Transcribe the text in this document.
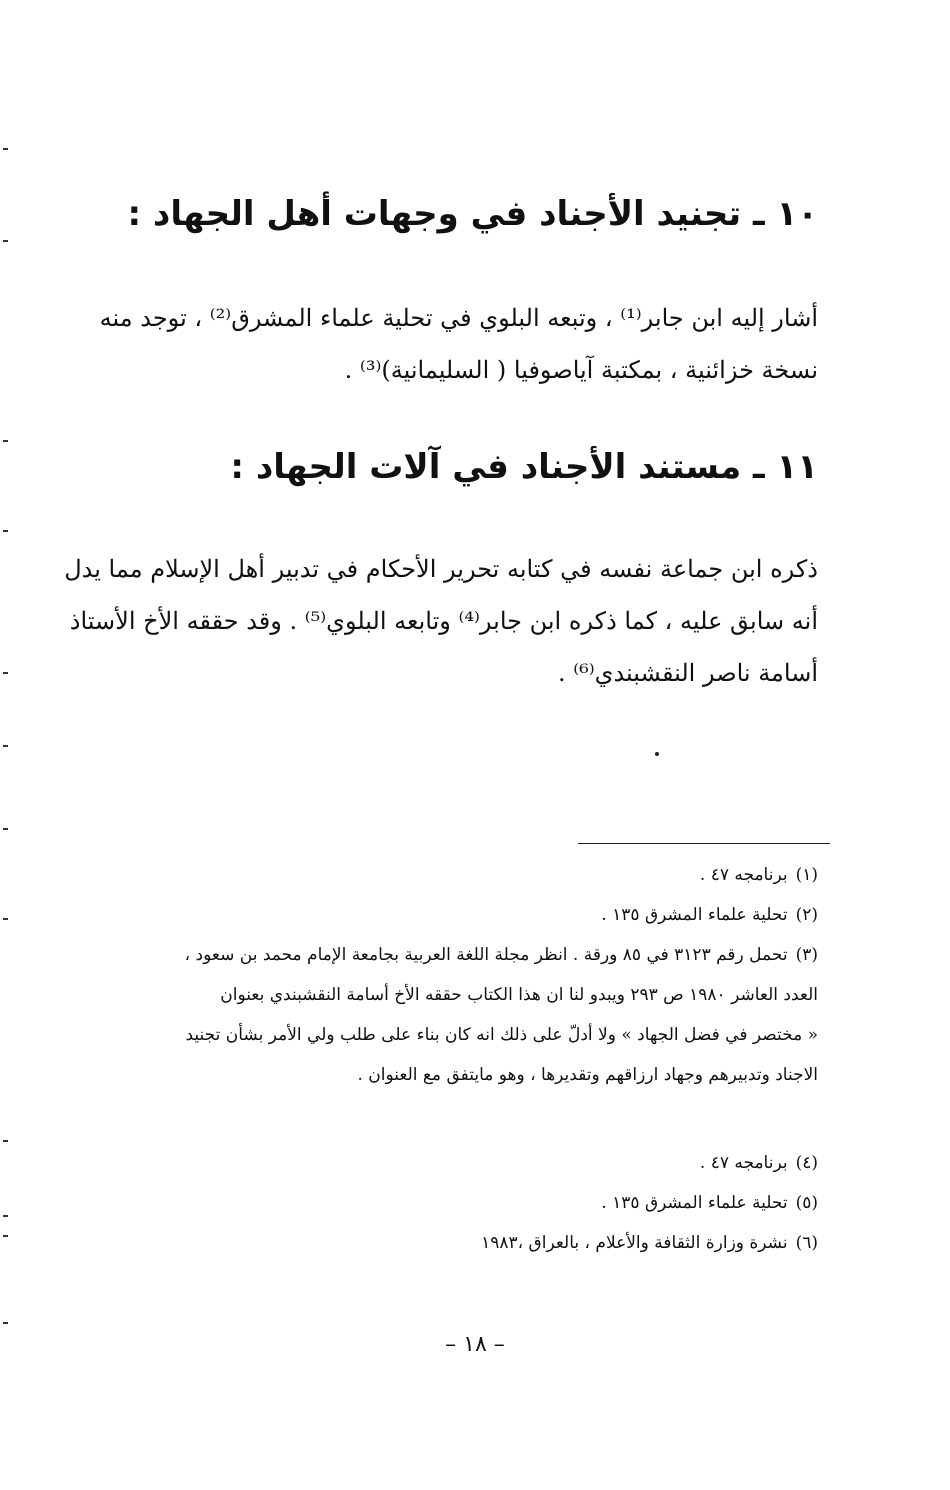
١٠ ـ تجنيد الأجناد في وجهات أهل الجهاد :
أشار إليه ابن جابر⁽¹⁾ ، وتبعه البلوي في تحلية علماء المشرق⁽²⁾ ، توجد منه
نسخة خزائنية ، بمكتبة آياصوفيا ( السليمانية)⁽³⁾ .
١١ ـ مستند الأجناد في آلات الجهاد :
ذكره ابن جماعة نفسه في كتابه تحرير الأحكام في تدبير أهل الإسلام مما يدل
أنه سابق عليه ، كما ذكره ابن جابر⁽⁴⁾ وتابعه البلوي⁽⁵⁾ . وقد حققه الأخ الأستاذ
أسامة ناصر النقشبندي⁽⁶⁾ .
(١)برنامجه ٤٧ .
(٢)تحلية علماء المشرق ١٣٥ .
(٣)تحمل رقم ٣١٢٣ في ٨٥ ورقة . انظر مجلة اللغة العربية بجامعة الإمام محمد بن سعود ،
العدد العاشر ١٩٨٠ ص ٢٩٣ ويبدو لنا ان هذا الكتاب حققه الأخ أسامة النقشبندي بعنوان
« مختصر في فضل الجهاد » ولا أدلّ على ذلك انه كان بناء على طلب ولي الأمر بشأن تجنيد
الاجناد وتدبيرهم وجهاد ارزاقهم وتقديرها ، وهو مايتفق مع العنوان .
(٤)برنامجه ٤٧ .
(٥)تحلية علماء المشرق ١٣٥ .
(٦)نشرة وزارة الثقافة والأعلام ، بالعراق ،١٩٨٣
– ١٨ –
